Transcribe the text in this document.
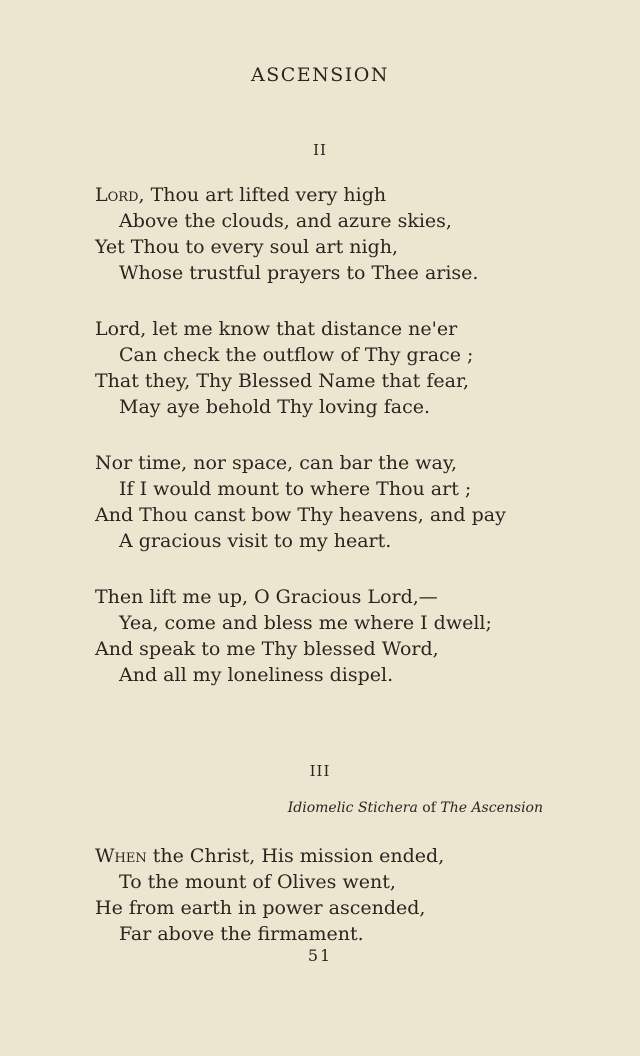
ASCENSION
II
Lord, Thou art lifted very high
Above the clouds, and azure skies,
Yet Thou to every soul art nigh,
Whose trustful prayers to Thee arise.
Lord, let me know that distance ne'er
Can check the outflow of Thy grace ;
That they, Thy Blessed Name that fear,
May aye behold Thy loving face.
Nor time, nor space, can bar the way,
If I would mount to where Thou art ;
And Thou canst bow Thy heavens, and pay
A gracious visit to my heart.
Then lift me up, O Gracious Lord,—
Yea, come and bless me where I dwell;
And speak to me Thy blessed Word,
And all my loneliness dispel.
III
Idiomelic Stichera of The Ascension
When the Christ, His mission ended,
To the mount of Olives went,
He from earth in power ascended,
Far above the firmament.
51
